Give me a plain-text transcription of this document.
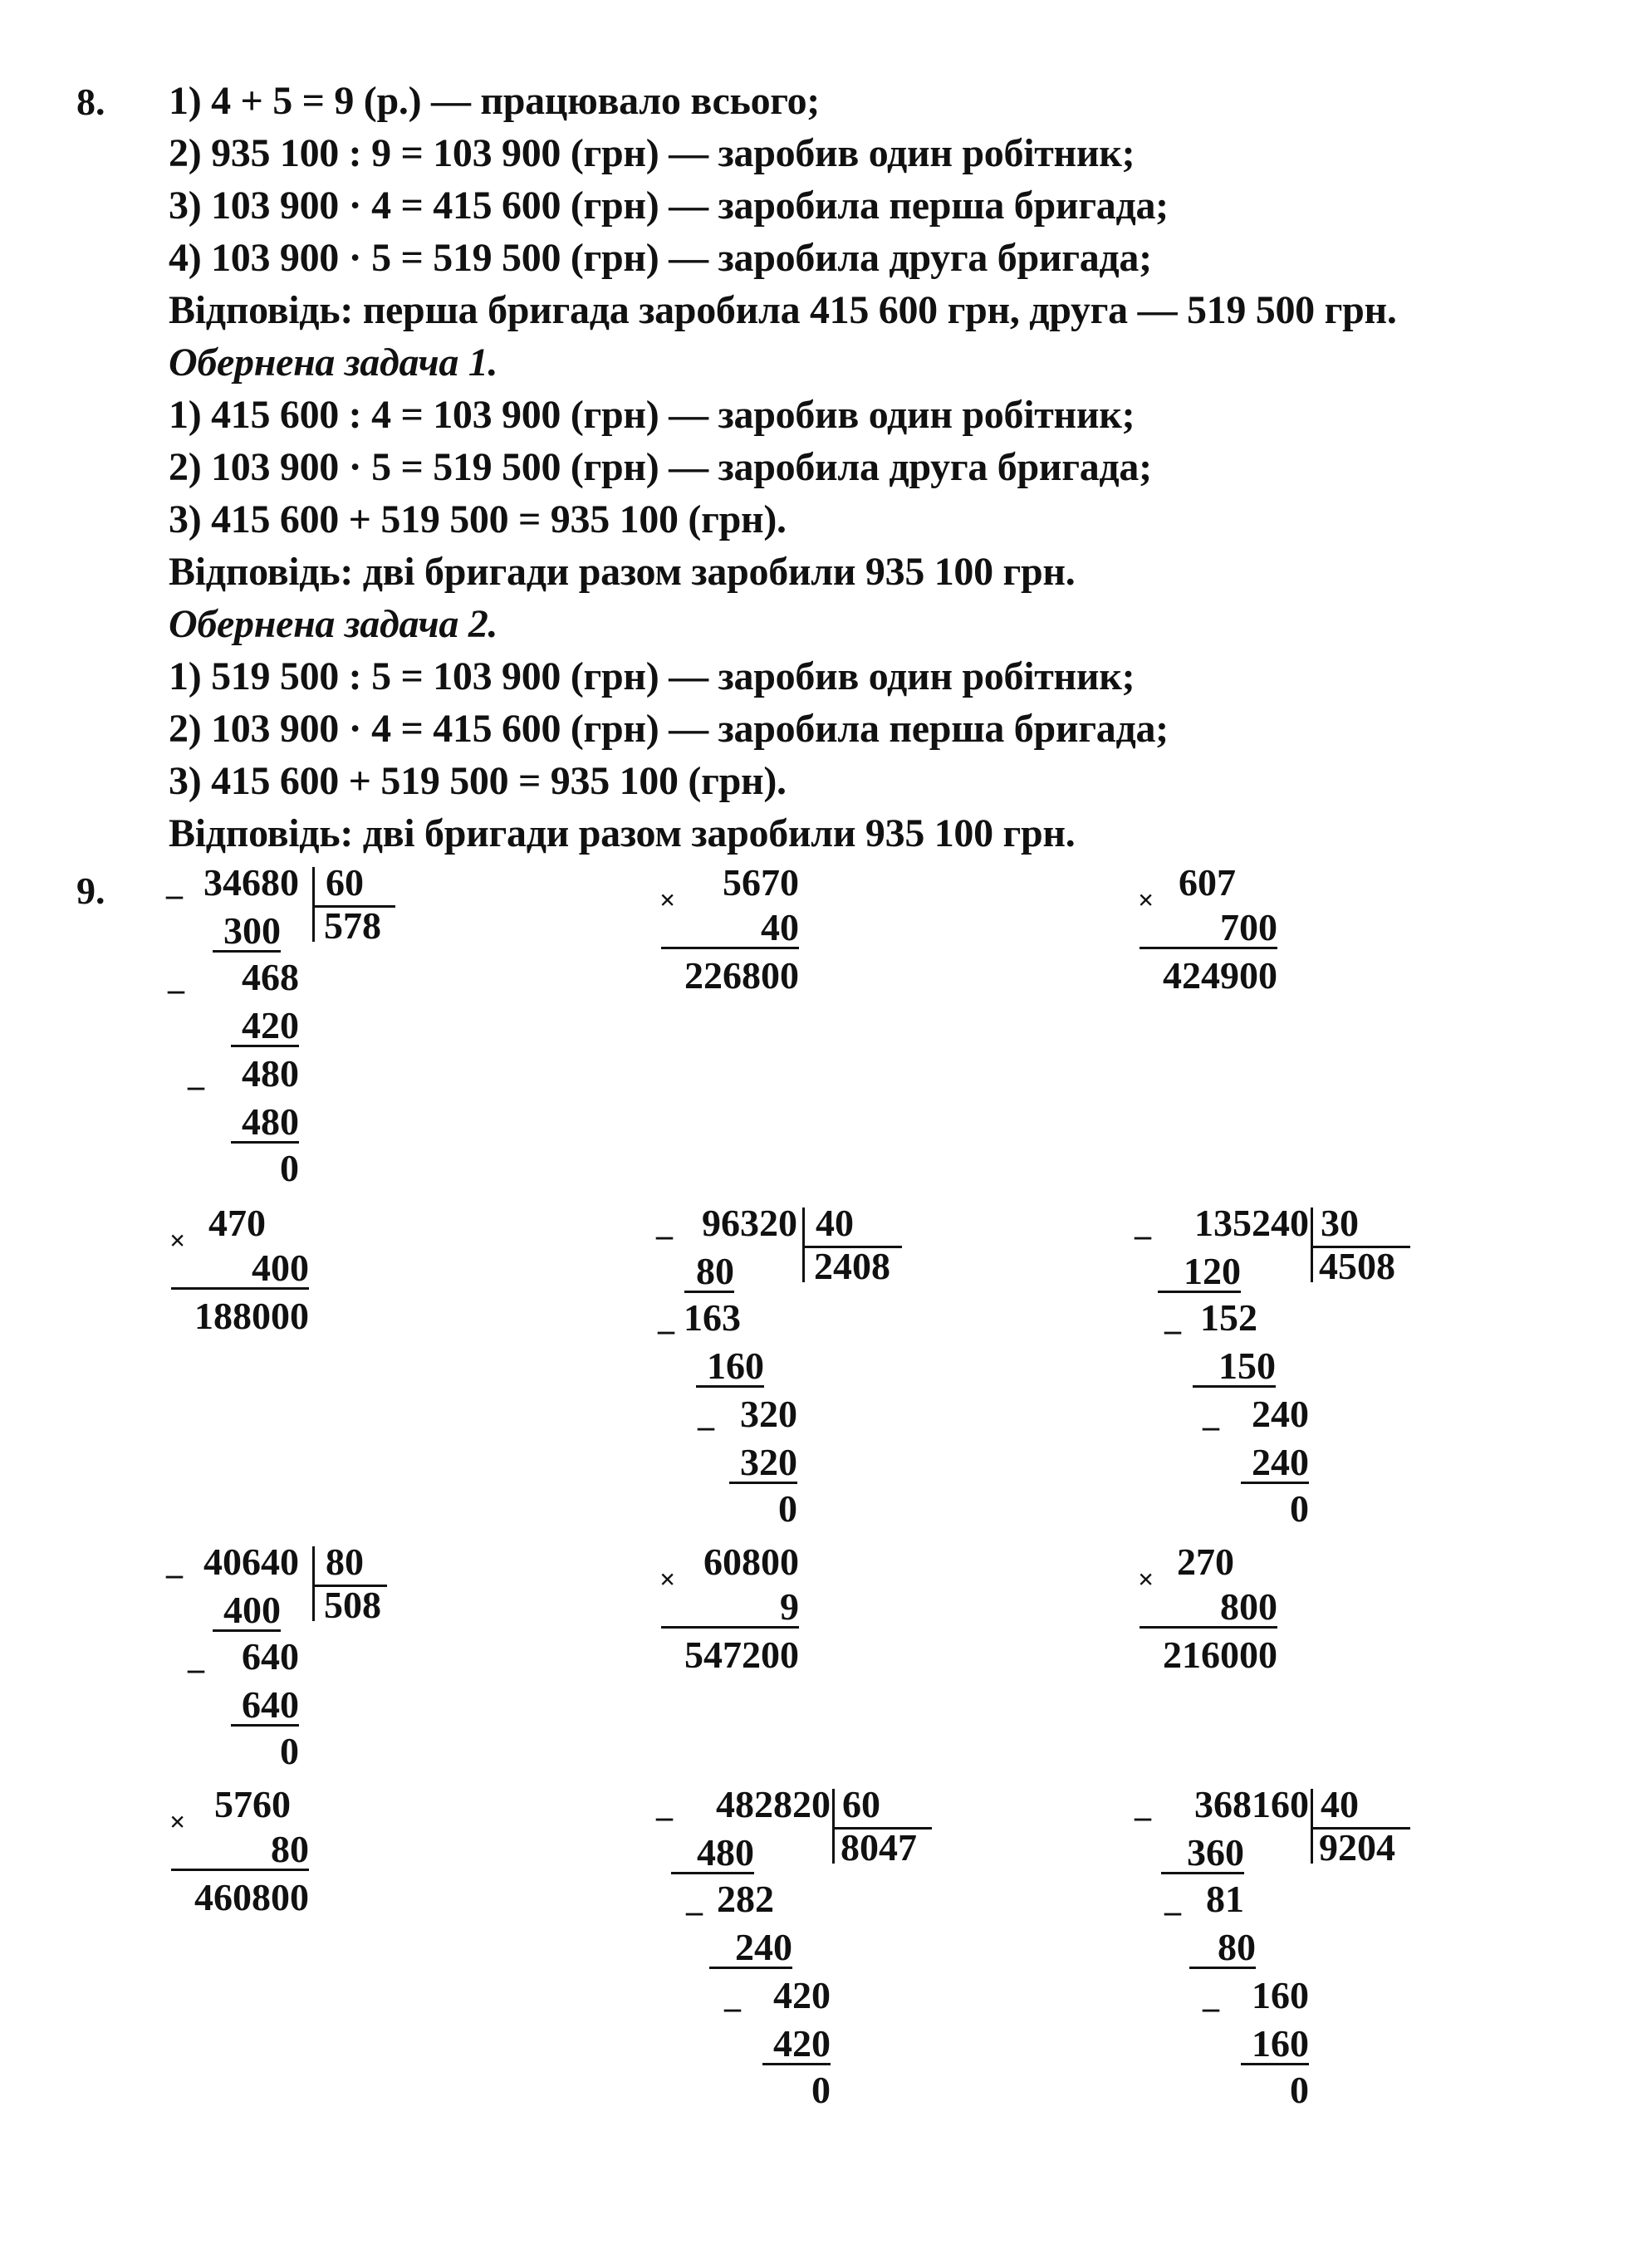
8. 1) 4 + 5 = 9 (р.) — працювало всього;
2) 935 100 : 9 = 103 900 (грн) — заробив один робітник;
3) 103 900 · 4 = 415 600 (грн) — заробила перша бригада;
4) 103 900 · 5 = 519 500 (грн) — заробила друга бригада;
Відповідь: перша бригада заробила 415 600 грн, друга — 519 500 грн.
Обернена задача 1.
1) 415 600 : 4 = 103 900 (грн) — заробив один робітник;
2) 103 900 · 5 = 519 500 (грн) — заробила друга бригада;
3) 415 600 + 519 500 = 935 100 (грн).
Відповідь: дві бригади разом заробили 935 100 грн.
Обернена задача 2.
1) 519 500 : 5 = 103 900 (грн) — заробив один робітник;
2) 103 900 · 4 = 415 600 (грн) — заробила перша бригада;
3) 415 600 + 519 500 = 935 100 (грн).
Відповідь: дві бригади разом заробили 935 100 грн.
9. _ 34680 60
578
300
_ 468
420
_ 480
480
0
× 5670
40
226800
× 607
700
424900
× 470
400
188000
_ 96320 40
2408
80
_ 163
160
_ 320
320
0
_ 135240 30
4508
120
_ 152
150
_ 240
240
0
_ 40640 80
508
400
_ 640
640
0
× 60800
9
547200
× 270
800
216000
× 5760
80
460800
_ 482820 60
8047
480
_ 282
240
_ 420
420
0
_ 368160 40
9204
360
_ 81
80
_ 160
160
0
